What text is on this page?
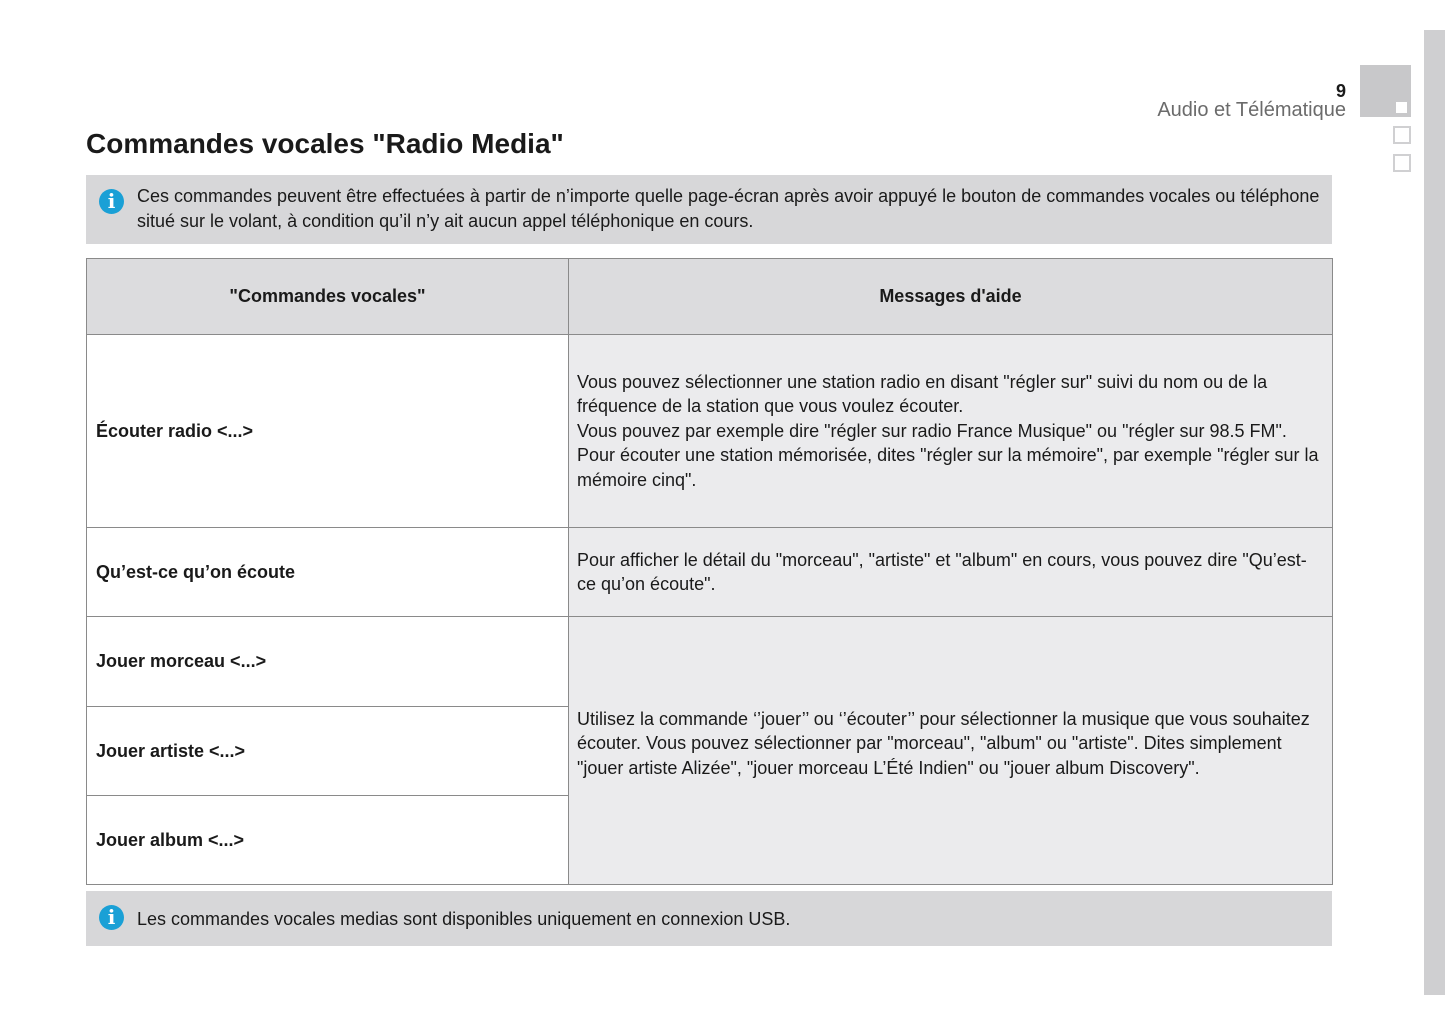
9
Audio et Télématique
Commandes vocales "Radio Media"
i	Ces commandes peuvent être effectuées à partir de n’importe quelle page-écran après avoir appuyé le bouton de commandes vocales ou téléphone situé sur le volant, à condition qu’il n’y ait aucun appel téléphonique en cours.
"Commandes vocales"	Messages d'aide
Écouter radio <...>	Vous pouvez sélectionner une station radio en disant "régler sur" suivi du nom ou de la fréquence de la station que vous voulez écouter.
Vous pouvez par exemple dire "régler sur radio France Musique" ou "régler sur 98.5 FM".
Pour écouter une station mémorisée, dites "régler sur la mémoire", par exemple "régler sur la mémoire cinq".
Qu’est-ce qu’on écoute	Pour afficher le détail du "morceau", "artiste" et "album" en cours, vous pouvez dire "Qu’est-ce qu’on écoute".
Jouer morceau <...>	Utilisez la commande ‘’jouer’’ ou ‘’écouter’’ pour sélectionner la musique que vous souhaitez écouter. Vous pouvez sélectionner par "morceau", "album" ou "artiste". Dites simplement "jouer artiste Alizée", "jouer morceau L’Été Indien" ou "jouer album Discovery".
Jouer artiste <...>	
Jouer album <...>	
i	Les commandes vocales medias sont disponibles uniquement en connexion USB.
